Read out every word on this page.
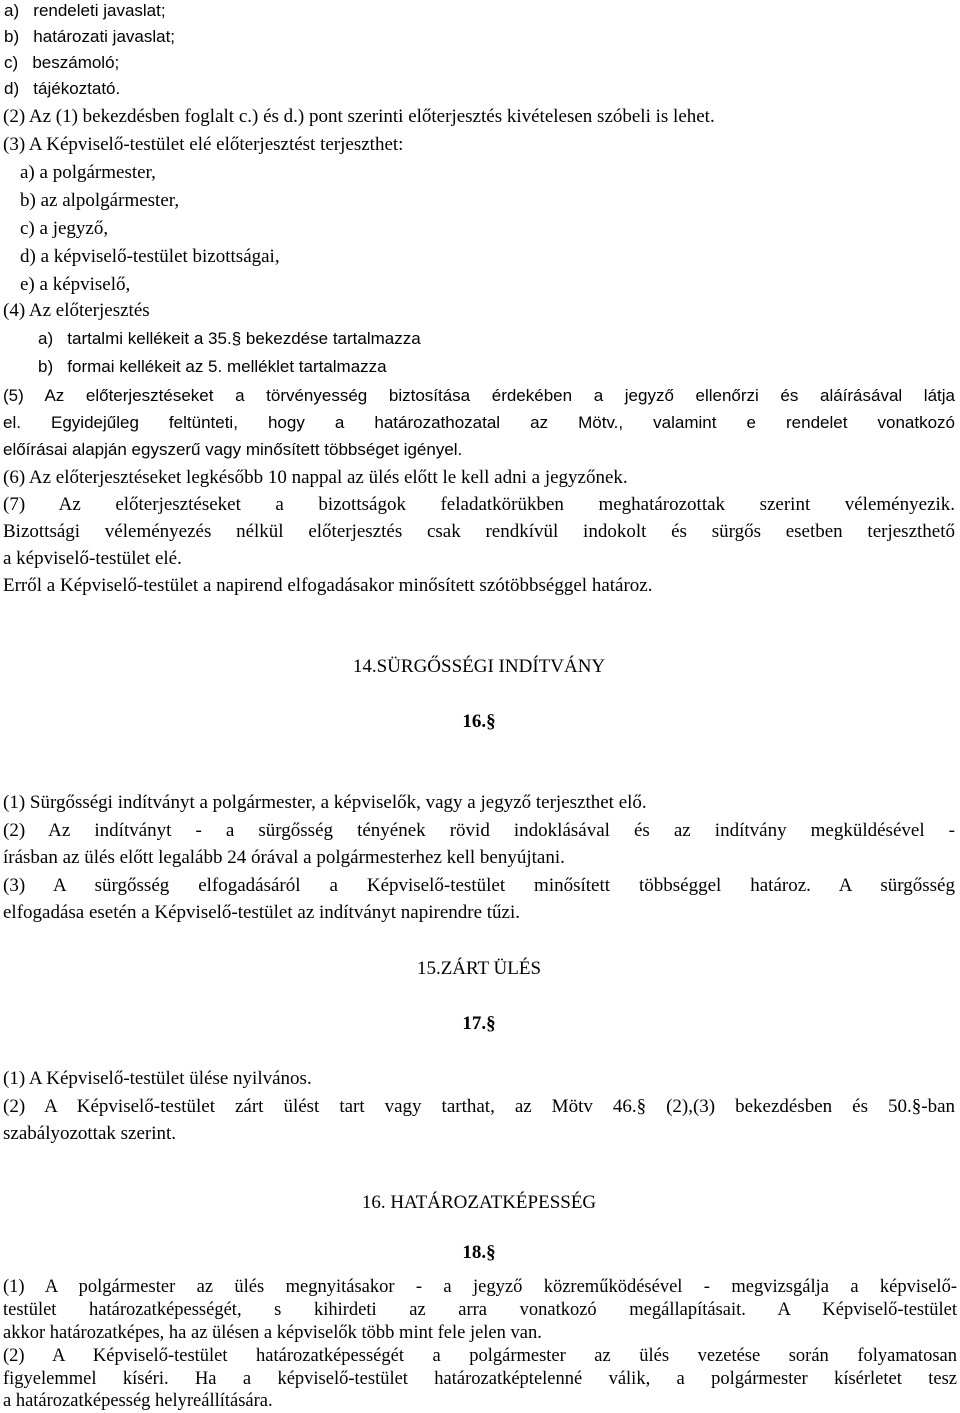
a)   rendeleti javaslat;

b)   határozati javaslat;

c)   beszámoló;

d)   tájékoztató.

(2) Az (1) bekezdésben foglalt c.) és d.) pont szerinti előterjesztés kivételesen szóbeli is lehet.

(3) A Képviselő-testület elé előterjesztést terjeszthet:

a) a polgármester,

b) az alpolgármester,

c) a jegyző,

d) a képviselő-testület bizottságai,

e) a képviselő,

(4) Az előterjesztés

a)   tartalmi kellékeit a 35.§ bekezdése tartalmazza

b)   formai kellékeit az 5. melléklet tartalmazza

(5) Az előterjesztéseket a törvényesség biztosítása érdekében a jegyző ellenőrzi és aláírásával látja

el. Egyidejűleg feltünteti, hogy a határozathozatal az Mötv., valamint e rendelet vonatkozó

előírásai alapján egyszerű vagy minősített többséget igényel.

(6) Az előterjesztéseket legkésőbb 10 nappal az ülés előtt le kell adni a jegyzőnek.

(7) Az előterjesztéseket a bizottságok feladatkörükben meghatározottak szerint véleményezik.

Bizottsági véleményezés nélkül előterjesztés csak rendkívül indokolt és sürgős esetben terjeszthető

a képviselő-testület elé.

Erről a Képviselő-testület a napirend elfogadásakor minősített szótöbbséggel határoz.

14.SÜRGŐSSÉGI INDÍTVÁNY

16.§

(1) Sürgősségi indítványt a polgármester, a képviselők, vagy a jegyző terjeszthet elő.

(2) Az indítványt - a sürgősség tényének rövid indoklásával és az indítvány megküldésével -

írásban az ülés előtt legalább 24 órával a polgármesterhez kell benyújtani.

(3) A sürgősség elfogadásáról a Képviselő-testület minősített többséggel határoz. A sürgősség

elfogadása esetén a Képviselő-testület az indítványt napirendre tűzi.

15.ZÁRT ÜLÉS

17.§

(1) A Képviselő-testület ülése nyilvános.

(2) A Képviselő-testület zárt ülést tart vagy tarthat, az Mötv 46.§ (2),(3) bekezdésben és 50.§-ban

szabályozottak szerint.

16. HATÁROZATKÉPESSÉG

18.§

(1) A polgármester az ülés megnyitásakor - a jegyző közreműködésével - megvizsgálja a képviselő-

testület határozatképességét, s kihirdeti az arra vonatkozó megállapításait. A Képviselő-testület

akkor határozatképes, ha az ülésen a képviselők több mint fele jelen van.

(2) A Képviselő-testület határozatképességét a polgármester az ülés vezetése során folyamatosan

figyelemmel kíséri. Ha a képviselő-testület határozatképtelenné válik, a polgármester kísérletet tesz

a határozatképesség helyreállítására.
